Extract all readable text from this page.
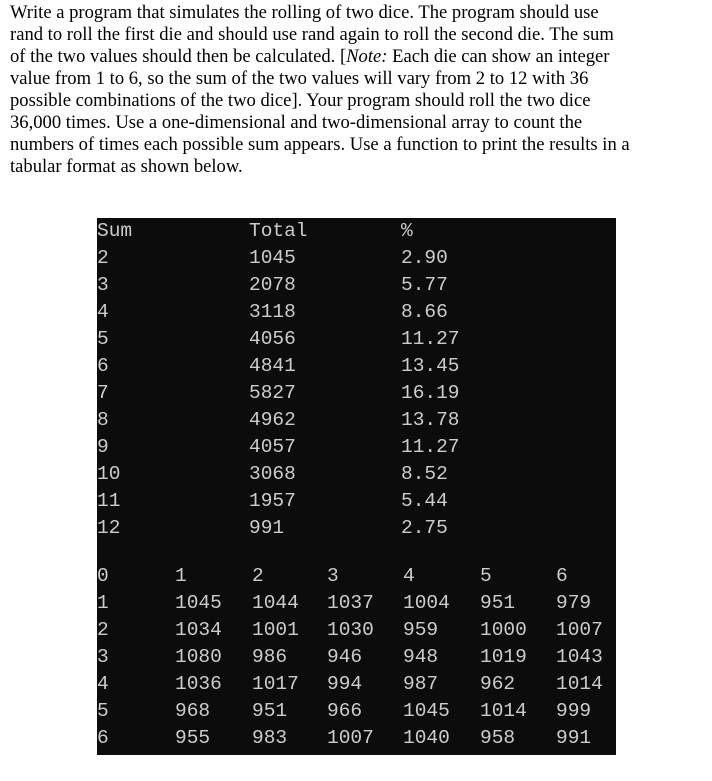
Write a program that simulates the rolling of two dice. The program should use
rand to roll the first die and should use rand again to roll the second die. The sum
of the two values should then be calculated. [Note: Each die can show an integer
value from 1 to 6, so the sum of the two values will vary from 2 to 12 with 36
possible combinations of the two dice]. Your program should roll the two dice
36,000 times. Use a one-dimensional and two-dimensional array to count the
numbers of times each possible sum appears. Use a function to print the results in a
tabular format as shown below.
Sum	Total	%
2	1045	2.90
3	2078	5.77
4	3118	8.66
5	4056	11.27
6	4841	13.45
7	5827	16.19
8	4962	13.78
9	4057	11.27
10	3068	8.52
11	1957	5.44
12	991	2.75
0	1	2	3	4	5	6
1	1045 1044 1037 1004 951 979
2	1034 1001 1030 959 1000 1007
3	1080 986 946 948 1019 1043
4	1036 1017 994 987 962 1014
5	968 951 966 1045 1014 999
6	955 983 1007 1040 958 991
